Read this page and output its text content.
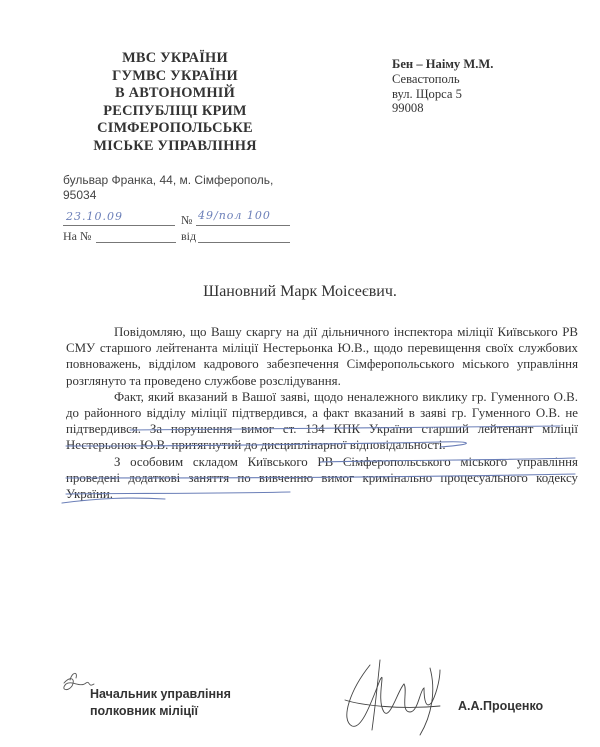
МВС УКРАЇНИ
ГУМВС УКРАЇНИ
В АВТОНОМНІЙ
РЕСПУБЛІЦІ КРИМ
СІМФЕРОПОЛЬСЬКЕ
МІСЬКЕ УПРАВЛІННЯ
Бен – Наіму М.М.
Севастополь
вул. Щорса 5
99008
бульвар Франка, 44, м. Сімферополь,
95034
23.10.09	№ 49/пол 100
На №	від
Шановний Марк Моісеєвич.

Повідомляю, що Вашу скаргу на дії дільничного інспектора міліції Київського РВ СМУ старшого лейтенанта міліції Нестерьонка Ю.В., щодо перевищення своїх службових повноважень, відділом кадрового забезпечення Сімферопольського міського управління розглянуто та проведено службове розслідування.

Факт, який вказаний в Вашої заяві, щодо неналежного виклику гр. Гуменного О.В. до районного відділу міліції підтвердився, а факт вказаний в заяві гр. Гуменного О.В. не підтвердився. За порушення вимог ст. 134 КПК України старший лейтенант міліції Нестерьонок Ю.В. притягнутий до дисциплінарної відповідальності.

З особовим складом Київського РВ Сімферопольського міського управління проведені додаткові заняття по вивченню вимог кримінально процесуального кодексу України.

Начальник управління
полковник міліції	А.А.Проценко
